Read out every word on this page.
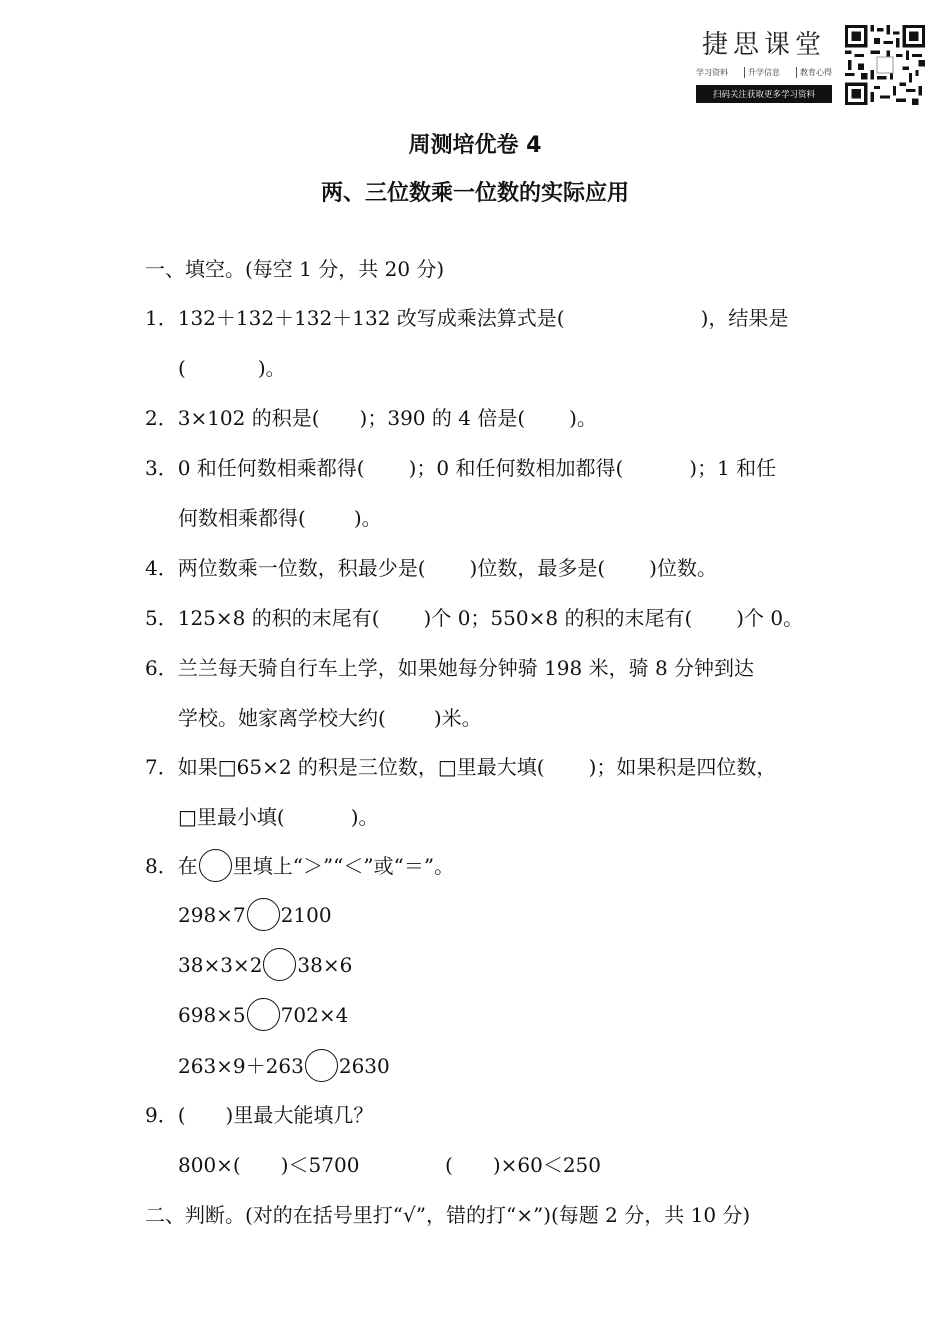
捷思课堂
学习资料	升学信息	教育心得
扫码关注获取更多学习资料
周测培优卷 4
两、三位数乘一位数的实际应用
一、填空。(每空 1 分，共 20 分)
1．132＋132＋132＋132 改写成乘法算式是(	)，结果是
(	)。
2．3×102 的积是( )；390 的 4 倍是( )。
3．0 和任何数相乘都得( )；0 和任何数相加都得(	)；1 和任
何数相乘都得( )。
4．两位数乘一位数，积最少是( )位数，最多是( )位数。
5．125×8 的积的末尾有( )个 0；550×8 的积的末尾有( )个 0。
6．兰兰每天骑自行车上学，如果她每分钟骑 198 米，骑 8 分钟到达
学校。她家离学校大约( )米。
7．如果□65×2 的积是三位数，□里最大填( )；如果积是四位数，
□里最小填(	)。
8．在 里填上“＞”“＜”或“＝”。
298×7 2100
38×3×2 38×6
698×5 702×4
263×9＋263 2630
9．( )里最大能填几？
800×( )＜5700	( )×60＜250
二、判断。(对的在括号里打“√”，错的打“×”)(每题 2 分，共 10 分)
